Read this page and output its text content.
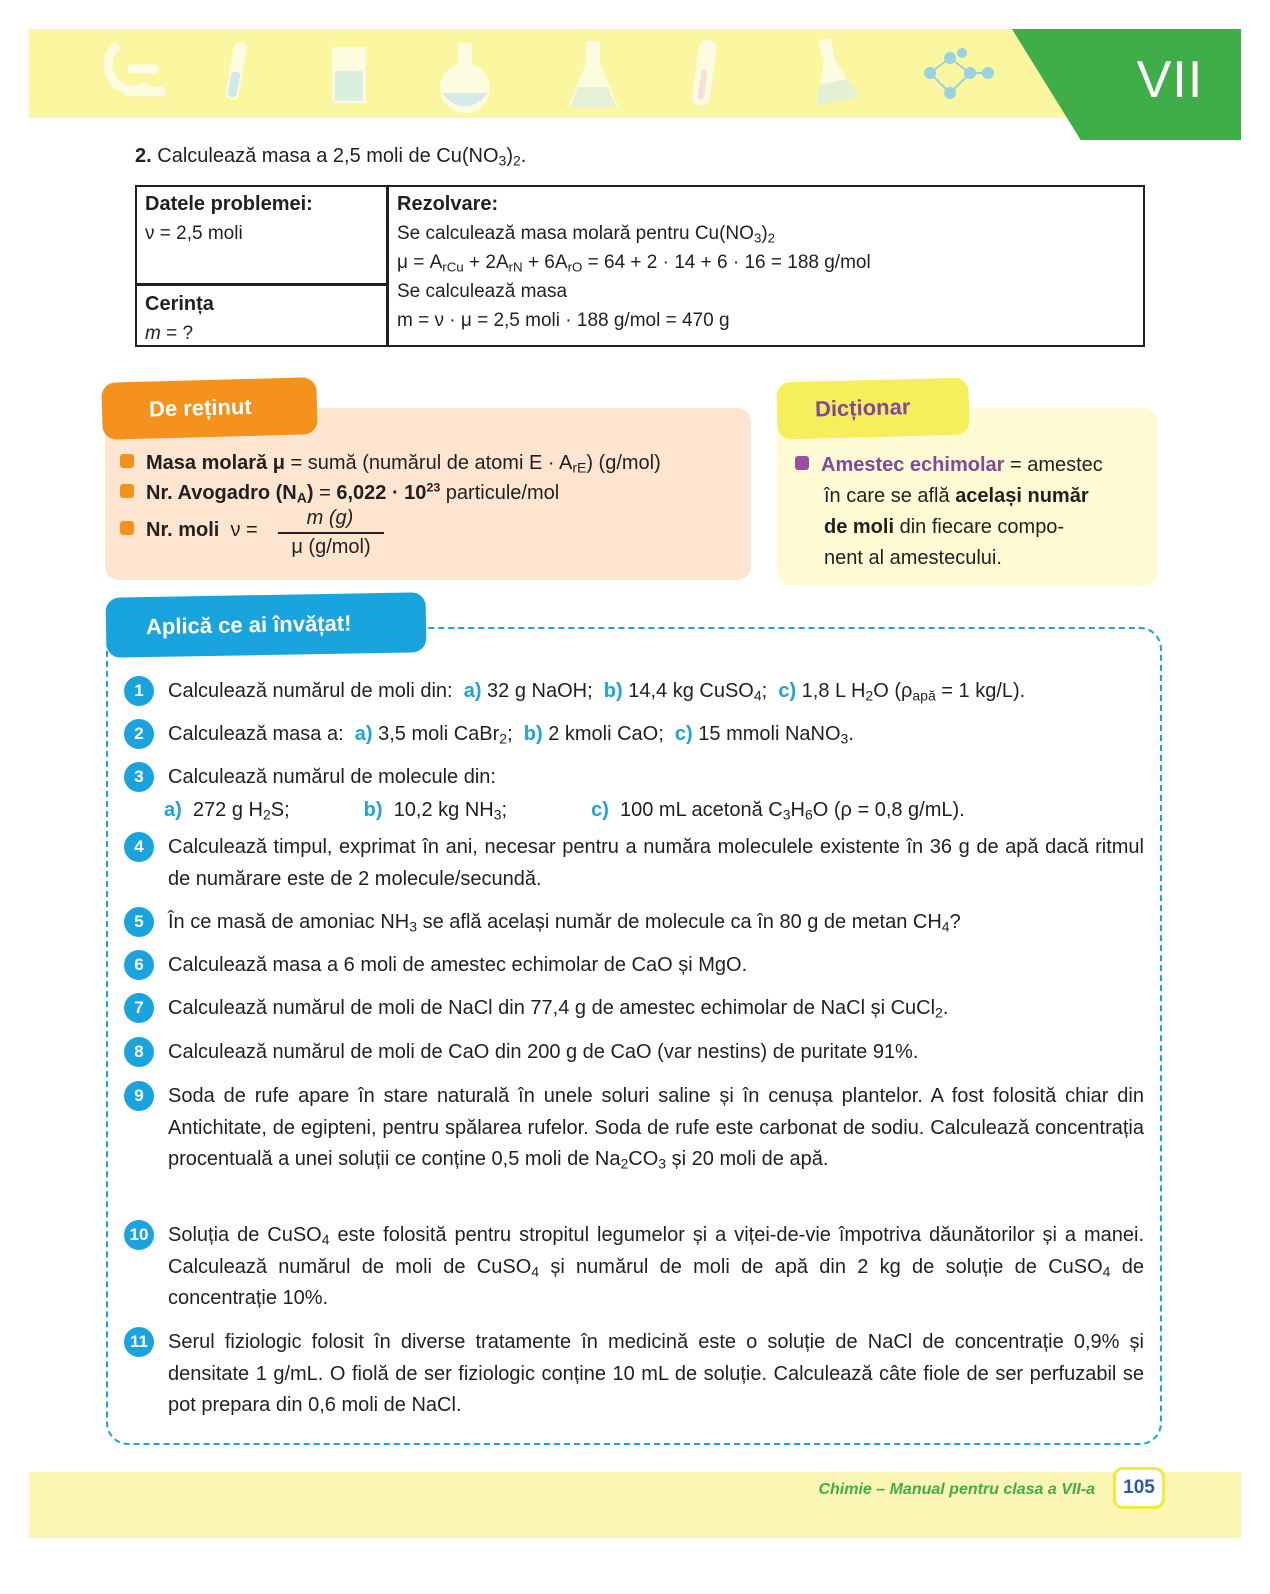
VII
2. Calculează masa a 2,5 moli de $Cu(NO_3)_2$.
Datele problemei:
ν = 2,5 moli
Cerința
m = ?
Rezolvare:
Se calculează masa molară pentru $Cu(NO_3)_2$
$\mu = A_{rCu} + 2A_{rN} + 6A_{rO} = 64 + 2 \cdot 14 + 6 \cdot 16 = 188$ g/mol
Se calculează masa
m = ν · μ = 2,5 moli · 188 g/mol = 470 g
De reținut
Masa molară μ = sumă (numărul de atomi $E \cdot A_{rE}$) (g/mol)
Nr. Avogadro $(N_A) = 6,022 \cdot 10^{23}$ particule/mol
Nr. moli ν =
m (g)
μ (g/mol)
Dicționar
Amestec echimolar = amestec
în care se află același număr
de moli din fiecare compo-
nent al amestecului.
Aplică ce ai învățat!
1	Calculează numărul de moli din:  a) 32 g NaOH;  b) 14,4 kg CuSO$_4$;  c) 1,8 L $H_2O$ ($\rho_{apă} = 1$ kg/L).
2	Calculează masa a:  a) 3,5 moli CaBr$_2$;  b) 2 kmoli CaO;  c) 15 mmoli NaNO$_3$.
3	Calculează numărul de molecule din:
a)  272 g $H_2S$;	b)  10,2 kg $NH_3$;	c)  100 mL acetonă $C_3H_6O$ (ρ = 0,8 g/mL).
4	Calculează timpul, exprimat în ani, necesar pentru a număra moleculele existente în 36 g de apă dacă ritmul de numărare este de 2 molecule/secundă.
5	În ce masă de amoniac $NH_3$ se află același număr de molecule ca în 80 g de metan $CH_4$?
6	Calculează masa a 6 moli de amestec echimolar de CaO și MgO.
7	Calculează numărul de moli de NaCl din 77,4 g de amestec echimolar de NaCl și CuCl$_2$.
8	Calculează numărul de moli de CaO din 200 g de CaO (var nestins) de puritate 91%.
9	Soda de rufe apare în stare naturală în unele soluri saline și în cenușa plantelor. A fost folosită chiar din Antichitate, de egipteni, pentru spălarea rufelor. Soda de rufe este carbonat de sodiu. Calculează concentrația procentuală a unei soluții ce conține 0,5 moli de $Na_2CO_3$ și 20 moli de apă.
10 Soluția de CuSO$_4$ este folosită pentru stropitul legumelor și a viței-de-vie împotriva dăunătorilor și a manei. Calculează numărul de moli de CuSO$_4$ și numărul de moli de apă din 2 kg de soluție de CuSO$_4$ de concentrație 10%.
11	Serul fiziologic folosit în diverse tratamente în medicină este o soluție de NaCl de concentrație 0,9% și densitate 1 g/mL. O fiolă de ser fiziologic conține 10 mL de soluție. Calculează câte fiole de ser perfuzabil se pot prepara din 0,6 moli de NaCl.
Chimie – Manual pentru clasa a VII-a	105
